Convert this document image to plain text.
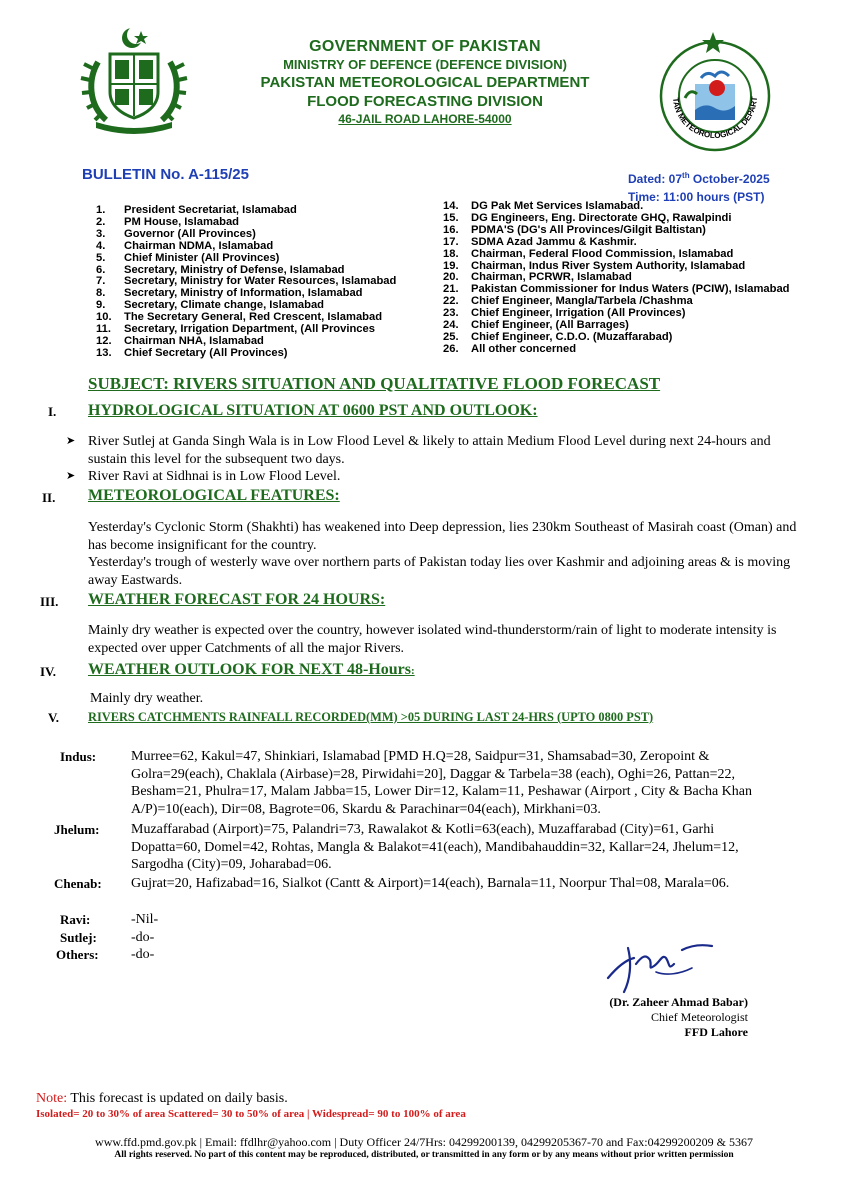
GOVERNMENT OF PAKISTAN
MINISTRY OF DEFENCE (DEFENCE DIVISION)
PAKISTAN METEOROLOGICAL DEPARTMENT
FLOOD FORECASTING DIVISION
46-JAIL ROAD LAHORE-54000
TAN METEOROLOGICAL DEPART
BULLETIN No. A-115/25	Dated: 07th October-2025
Time: 11:00 hours (PST)
1. President Secretariat, Islamabad
2. PM House, Islamabad
3. Governor (All Provinces)
4. Chairman NDMA, Islamabad
5. Chief Minister (All Provinces)
6. Secretary, Ministry of Defense, Islamabad
7. Secretary, Ministry for Water Resources, Islamabad
8. Secretary, Ministry of Information, Islamabad
9. Secretary, Climate change, Islamabad
10. The Secretary General, Red Crescent, Islamabad
11. Secretary, Irrigation Department, (All Provinces
12. Chairman NHA, Islamabad
13. Chief Secretary (All Provinces)
14. DG Pak Met Services Islamabad.
15. DG Engineers, Eng. Directorate GHQ, Rawalpindi
16. PDMA'S (DG's All Provinces/Gilgit Baltistan)
17. SDMA Azad Jammu & Kashmir.
18. Chairman, Federal Flood Commission, Islamabad
19. Chairman, Indus River System Authority, Islamabad
20. Chairman, PCRWR, Islamabad
21. Pakistan Commissioner for Indus Waters (PCIW), Islamabad
22. Chief Engineer, Mangla/Tarbela /Chashma
23. Chief Engineer, Irrigation (All Provinces)
24. Chief Engineer, (All Barrages)
25. Chief Engineer, C.D.O. (Muzaffarabad)
26. All other concerned
SUBJECT: RIVERS SITUATION AND QUALITATIVE FLOOD FORECAST
I. HYDROLOGICAL SITUATION AT 0600 PST AND OUTLOOK:
➤ River Sutlej at Ganda Singh Wala is in Low Flood Level & likely to attain Medium Flood Level during next 24-hours and sustain this level for the subsequent two days.
➤ River Ravi at Sidhnai is in Low Flood Level.
II. METEOROLOGICAL FEATURES:
Yesterday's Cyclonic Storm (Shakhti) has weakened into Deep depression, lies 230km Southeast of Masirah coast (Oman) and has become insignificant for the country.
Yesterday's trough of westerly wave over northern parts of Pakistan today lies over Kashmir and adjoining areas & is moving away Eastwards.
III. WEATHER FORECAST FOR 24 HOURS:
Mainly dry weather is expected over the country, however isolated wind-thunderstorm/rain of light to moderate intensity is expected over upper Catchments of all the major Rivers.
IV. WEATHER OUTLOOK FOR NEXT 48-Hours:
Mainly dry weather.
V. RIVERS CATCHMENTS RAINFALL RECORDED(MM) >05 DURING LAST 24-HRS (UPTO 0800 PST)
Indus: Murree=62, Kakul=47, Shinkiari, Islamabad [PMD H.Q=28, Saidpur=31, Shamsabad=30, Zeropoint & Golra=29(each), Chaklala (Airbase)=28, Pirwidahi=20], Daggar & Tarbela=38 (each), Oghi=26, Pattan=22, Besham=21, Phulra=17, Malam Jabba=15, Lower Dir=12, Kalam=11, Peshawar (Airport , City & Bacha Khan A/P)=10(each), Dir=08, Bagrote=06, Skardu & Parachinar=04(each), Mirkhani=03.
Jhelum: Muzaffarabad (Airport)=75, Palandri=73, Rawalakot & Kotli=63(each), Muzaffarabad (City)=61, Garhi Dopatta=60, Domel=42, Rohtas, Mangla & Balakot=41(each), Mandibahauddin=32, Kallar=24, Jhelum=12, Sargodha (City)=09, Joharabad=06.
Chenab: Gujrat=20, Hafizabad=16, Sialkot (Cantt & Airport)=14(each), Barnala=11, Noorpur Thal=08, Marala=06.
Ravi:	-Nil-
Sutlej: -do-
Others: -do-
(Dr. Zaheer Ahmad Babar)
Chief Meteorologist
FFD Lahore
Note: This forecast is updated on daily basis.
Isolated= 20 to 30% of area Scattered= 30 to 50% of area | Widespread= 90 to 100% of area
www.ffd.pmd.gov.pk | Email: ffdlhr@yahoo.com | Duty Officer 24/7Hrs: 04299200139, 04299205367-70 and Fax:04299200209 & 5367
All rights reserved. No part of this content may be reproduced, distributed, or transmitted in any form or by any means without prior written permission
